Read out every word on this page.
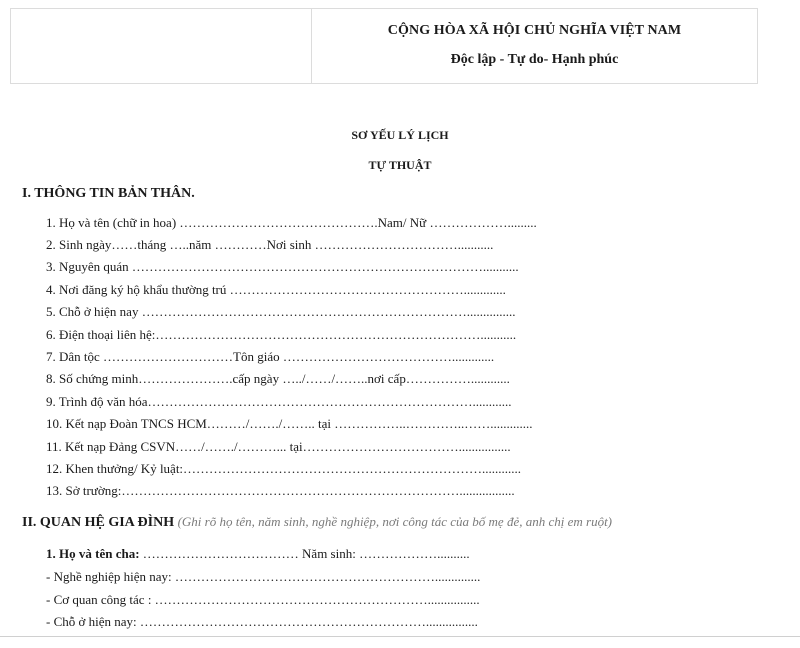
CỘNG HÒA XÃ HỘI CHỦ NGHĨA VIỆT NAM
Độc lập - Tự do- Hạnh phúc
SƠ YẾU LÝ LỊCH
TỰ THUẬT
I. THÔNG TIN BẢN THÂN.
1. Họ và tên (chữ in hoa) ……………………………………….Nam/ Nữ ……………….........
2. Sinh ngày……tháng …..năm …………Nơi sinh ……………………………...........
3. Nguyên quán ………………………………………………………………………...........
4. Nơi đăng ký hộ khẩu thường trú ……………………………………………….............
5. Chỗ ở hiện nay …………………………………………………………………...............
6. Điện thoại liên hệ:…………………………………………………………………...........
7. Dân tộc …………………………Tôn giáo ………………………………….............
8. Số chứng minh………………….cấp ngày …../……/……..nơi cấp……………............
9. Trình độ văn hóa…………………………………………………………………............
10. Kết nạp Đoàn TNCS HCM………/……./…….. tại ……………..…………..…….............
11. Kết nạp Đảng CSVN……/……./………... tại………………………………................
12. Khen thưởng/ Kỷ luật:……………………………………………………………............
13. Sở trường:…………………………………………………………………….................
II. QUAN HỆ GIA ĐÌNH (Ghi rõ họ tên, năm sinh, nghề nghiệp, nơi công tác của bố mẹ đẻ, anh chị em ruột)
1. Họ và tên cha: ……………………………… Năm sinh: ………………..........
- Nghề nghiệp hiện nay: ……………………………………………………..............
- Cơ quan công tác : ………………………………………………………................
- Chỗ ở hiện nay: …………………………………………………………................
